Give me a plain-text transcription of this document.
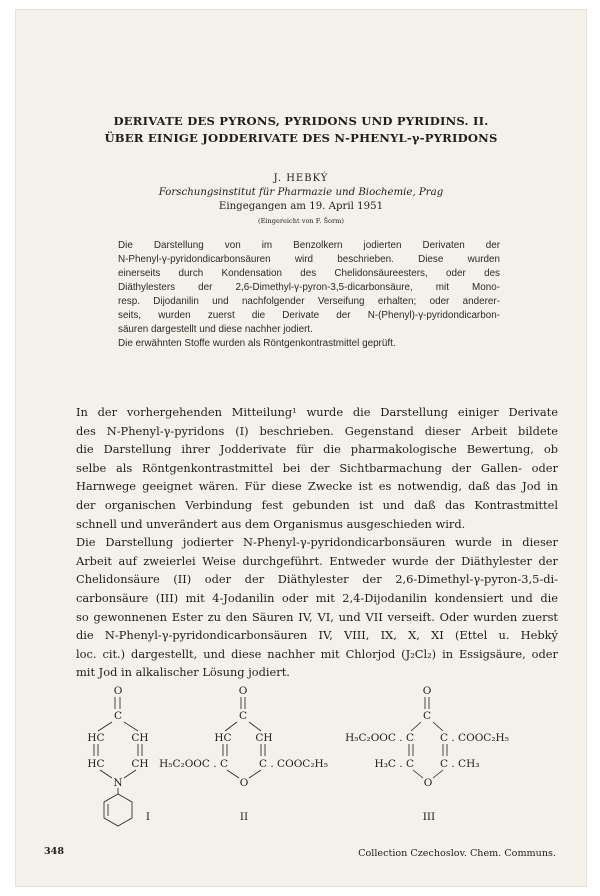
DERIVATE DES PYRONS, PYRIDONS UND PYRIDINS. II.
ÜBER EINIGE JODDERIVATE DES N-PHENYL-γ-PYRIDONS
J. HEBKÝ
Forschungsinstitut für Pharmazie und Biochemie, Prag
Eingegangen am 19. April 1951
(Eingereicht von F. Šorm)
Die Darstellung von im Benzolkern jodierten Derivaten der
N-Phenyl-γ-pyridondicarbonsäuren wird beschrieben. Diese wurden
einerseits durch Kondensation des Chelidonsäureesters, oder des
Diäthylesters der 2,6-Dimethyl-γ-pyron-3,5-dicarbonsäure, mit Mono-
resp. Dijodanilin und nachfolgender Verseifung erhalten; oder anderer-
seits, wurden zuerst die Derivate der N-(Phenyl)-γ-pyridondicarbon-
säuren dargestellt und diese nachher jodiert.
Die erwähnten Stoffe wurden als Röntgenkontrastmittel geprüft.
In der vorhergehenden Mitteilung¹ wurde die Darstellung einiger Derivate
des N-Phenyl-γ-pyridons (I) beschrieben. Gegenstand dieser Arbeit bildete
die Darstellung ihrer Jodderivate für die pharmakologische Bewertung, ob
selbe als Röntgenkontrastmittel bei der Sichtbarmachung der Gallen- oder
Harnwege geeignet wären. Für diese Zwecke ist es notwendig, daß das Jod in
der organischen Verbindung fest gebunden ist und daß das Kontrastmittel
schnell und unverändert aus dem Organismus ausgeschieden wird.
Die Darstellung jodierter N-Phenyl-γ-pyridondicarbonsäuren wurde in dieser
Arbeit auf zweierlei Weise durchgeführt. Entweder wurde der Diäthylester der
Chelidonsäure (II) oder der Diäthylester der 2,6-Dimethyl-γ-pyron-3,5-di-
carbonsäure (III) mit 4-Jodanilin oder mit 2,4-Dijodanilin kondensiert und die
so gewonnenen Ester zu den Säuren IV, VI, und VII verseift. Oder wurden zuerst
die N-Phenyl-γ-pyridondicarbonsäuren IV, VIII, IX, X, XI (Ettel u. Hebký
loc. cit.) dargestellt, und diese nachher mit Chlorjod (J₂Cl₂) in Essigsäure, oder
mit Jod in alkalischer Lösung jodiert.
O
C
HC	CH
HC	CH
N
I
O
C
HC CH
H₅C₂OOC . C	C . COOC₂H₅
O
II
O
C
H₅C₂OOC . C C . COOC₂H₅
H₃C . C C . CH₃
O
III
348	Collection Czechoslov. Chem. Communs.
